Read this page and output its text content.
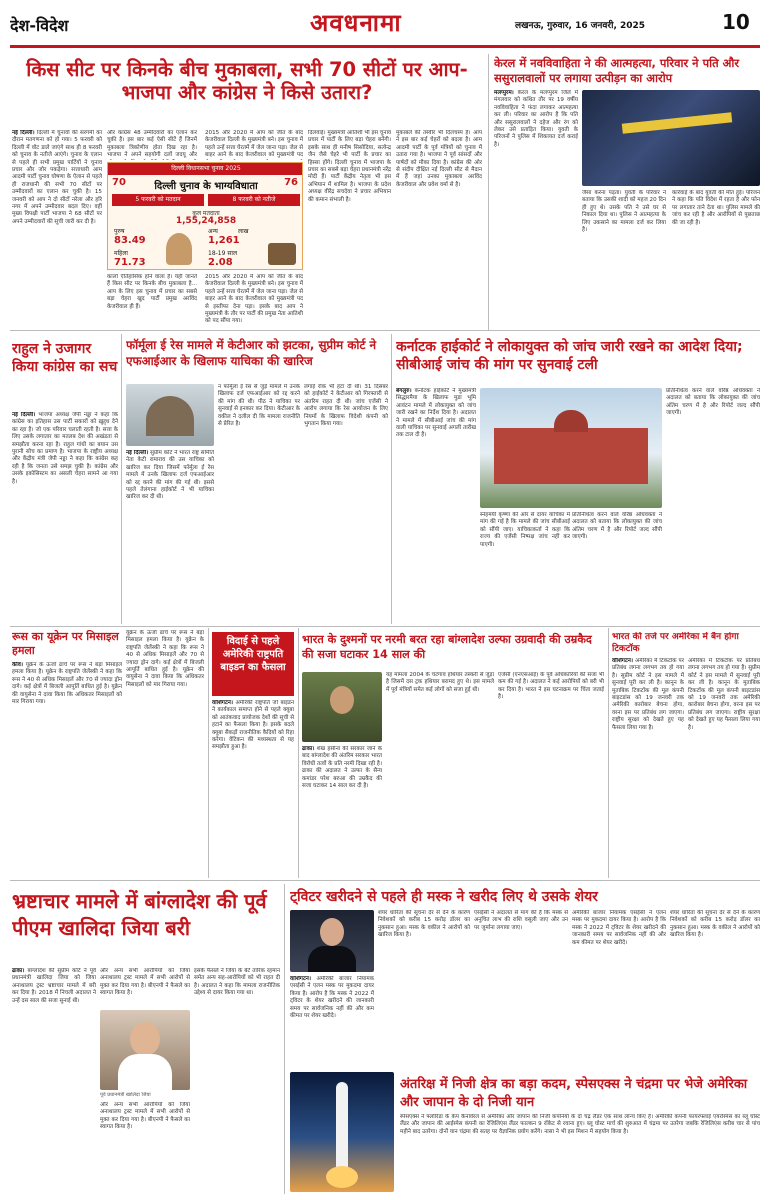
देश-विदेश	अवधनामा	लखनऊ, गुरुवार, 16 जनवरी, 2025	10
किस सीट पर किनके बीच मुकाबला, सभी 70 सीटों पर आप-भाजपा और कांग्रेस ने किसे उतारा?
नई दिल्ली। दिल्ली में चुनावों की सरगर्मी का दौरान मतगणना को हो गया। 5 फरवरी को दिल्ली में वोट डाले जाएंगे साथ ही 8 फरवरी को चुनाव के नतीजे आएंगे। चुनाव के एलान से पहले ही सभी प्रमुख पार्टियों ने चुनाव प्रचार और जोर पकड़ेगा। सत्ताधारी आम आदमी पार्टी चुनाव घोषणा के ऐलान से पहले ही राजधानी की सभी 70 सीटों पर उम्मीदवारों का एलान कर चुकी है। 15 जनवरी को आप ने दो सीटों नरेला और हरि नगर में अपने उम्मीदवार बदल दिए। वहीं मुख्य विपक्षी पार्टी भाजपा ने 68 सीटों पर अपने उम्मीदवारों की सूची जारी कर दी है।
और कांग्रेस 48 उम्मीदवारों का एलान कर चुकी है। इस बार कई ऐसी सीटें हैं जिनमें मुकाबला त्रिकोणीय होता दिख रहा है। भाजपा ने अपने सहयोगी दलों जदयू और
दिल्ली विधानसभा चुनाव 2025
70	76
दिल्ली चुनाव के भाग्यविधाता
5 फरवरी को मतदान	8 फरवरी को नतीजे
कुल मतदाता
1,55,24,858
पुरुष
83.49
महिला
71.73
अन्य
1,261
18-19 साल
2.08
लाख
कालो ऐतिहासिक होने वाला है। यहीं जानते हैं किस सीट पर किनके बीच मुकाबला है... आप के लिए इस चुनाव में प्रचार का सबसे बड़ा चेहरा खुद पार्टी प्रमुख अरविंद केजरीवाल ही हैं।
2015 और 2020 में आप को जीत के बाद केजरीवाल दिल्ली के मुख्यमंत्री बने। इस चुनाव में पहले उन्हें सत्ता घेरतमें में जेल जाना पड़ा। जेल से बाहर आने के बाद केजरीवाल को मुख्यमंत्री पद
2015 और 2020 में आप को जीत के बाद केजरीवाल दिल्ली के मुख्यमंत्री बने। इस चुनाव में पहले उन्हें सत्ता घेरतमें में जेल जाना पड़ा। जेल से बाहर आने के बाद केजरीवाल को मुख्यमंत्री पद से इस्तीफा देना पड़ा। इसके बाद आप ने मुख्यमंत्री के तौर पर पार्टी की प्रमुख नेता आतिशी को पद सौंपा गया।
दिलवाई। मुख्यमंत्री आतिशी भी इस चुनाव प्रचार में पार्टी के लिए बड़ा चेहरा बनेंगी। इसके साथ ही मनीष सिसोदिया, सत्येन्द्र जैन जैसे चेहरे भी पार्टी के प्रचार का हिस्सा होंगे। दिल्ली चुनाव में भाजपा के प्रचार का सबसे बड़ा चेहरा प्रधानमंत्री नरेंद्र मोदी हैं। पार्टी केंद्रीय नेतृत्व भी इस अभियान में शामिल है। भाजपा के प्रदेश अध्यक्ष वीरेंद्र सचदेवा ने प्रचार अभियान की कमान संभाली है।
मुकाबले की तस्वीर भी दिलचस्प है। आप ने इस बार कई चेहरों को बदला है। आम आदमी पार्टी के पूर्व मंत्रियों को चुनाव में उतारा गया है। भाजपा ने पूर्व सांसदों और पार्षदों को मौका दिया है। कांग्रेस की ओर से संदीप दीक्षित नई दिल्ली सीट से मैदान में हैं जहां उनका मुकाबला अरविंद केजरीवाल और प्रवेश वर्मा से है।
केरल में नवविवाहिता ने की आत्महत्या, परिवार ने पति और ससुरालवालों पर लगाया उत्पीड़न का आरोप
मलप्पुरम। केरल के मलप्पुरम जिले में मंगलवार को कथित तौर पर 19 वर्षीय नवविवाहिता ने फंदा लगाकर आत्महत्या कर ली। परिवार का आरोप है कि पति और ससुरालवालों ने दहेज और रंग को लेकर उसे प्रताड़ित किया। युवती के परिजनों ने पुलिस में शिकायत दर्ज कराई है।
जैसा करना पड़ता। युवती के परिवार ने बताया कि उसकी शादी को महज 20 दिन ही हुए थे। उसके पति ने उसे घर से निकाल दिया था। पुलिस ने आत्महत्या के लिए उकसाने का मामला दर्ज कर लिया है।
कार्रवाई के बाद युवती की मौत हुई। परिजन ने कहा कि पति विदेश में रहता है और फोन पर लगातार ताने देता था। पुलिस मामले की जांच कर रही है और आरोपियों से पूछताछ की जा रही है।
राहुल ने उजागर किया कांग्रेस का सच
नई दिल्ली। भाजपा अध्यक्ष जेपी नड्डा ने कहा कि कांग्रेस का इतिहास उस पार्टी सकारों को ख़ुद्द्ध देने का रहा है। जो एक परिवार चलाती रहती है। सत्ता के लिए उसके लगातार का मतलब देश की अखंडता से समझौता करना रहा है। राहुल गांधी का बयान उस पुरानी सोच का प्रमाण है। भाजपा के राष्ट्रीय अध्यक्ष और केंद्रीय मंत्री जेपी नड्डा ने कहा कि कांग्रेस कह रही है कि जनता उसे समझ चुकी है। कांग्रेस और उसके इकोसिस्टम का असली चेहरा सामने आ गया है।
फॉर्मूला ई रेस मामले में केटीआर को झटका, सुप्रीम कोर्ट ने एफआईआर के खिलाफ याचिका की खारिज
नई दिल्ली। सुप्रीम कोर्ट ने भारत राष्ट्र समिति नेता केटी रामाराव की उस याचिका को खारिज कर दिया जिसमें फॉर्मूला ई रेस मामले में उनके खिलाफ दर्ज एफआईआर को रद्द करने की मांग की गई थी। इससे पहले तेलंगाना हाईकोर्ट ने भी याचिका खारिज कर दी थी।
न फॉर्मूला ई रेस से जुड़े मामले में उनके खिलाफ दर्ज एफआईआर को रद्द करने की मांग की थी। पीठ ने याचिका पर सुनवाई से इनकार कर दिया। केटीआर के वकील ने दलील दी कि मामला राजनीति से प्रेरित है।
लगाई रोक भी हटा दी थी। 31 दिसंबर को हाईकोर्ट ने केटीआर को गिरफ्तारी से अंतरिम राहत दी थी। जांच एजेंसी ने आरोप लगाया कि रेस आयोजन के लिए नियमों के खिलाफ विदेशी कंपनी को भुगतान किया गया।
कर्नाटक हाईकोर्ट ने लोकायुक्त को जांच जारी रखने का आदेश दिया; सीबीआई जांच की मांग पर सुनवाई टली
बेंगलुरु। कर्नाटक हाईकोर्ट ने मुख्यमंत्री सिद्धारमैया के खिलाफ मुडा भूमि आवंटन मामले में लोकायुक्त को जांच जारी रखने का निर्देश दिया है। अदालत ने मामले में सीबीआई जांच की मांग वाली याचिका पर सुनवाई अगली तारीख तक टाल दी है।
स्नेहमयी कृष्णा की ओर से दायर याचिका में मांग की गई है कि मामले की जांच सीबीआई को सौंपी जाए। याचिकाकर्ता ने कहा कि राज्य की एजेंसी निष्पक्ष जांच नहीं कर पाएगी।
प्रतिनिधित्व करने वाले वरिष्ठ अधिवक्ता ने अदालत को बताया कि लोकायुक्त की जांच अंतिम चरण में है और रिपोर्ट जल्द सौंपी जाएगी।
प्रतिनिधित्व करने वाले वरिष्ठ अधिवक्ता ने अदालत को बताया कि लोकायुक्त की जांच अंतिम चरण में है और रिपोर्ट जल्द सौंपी जाएगी।
रूस का यूक्रेन पर मिसाइल हमला
कीव। यूक्रेन के ऊर्जा ढांचे पर रूस ने बड़ा मिसाइल हमला किया है। यूक्रेन के राष्ट्रपति जेलेंस्की ने कहा कि रूस ने 40 से अधिक मिसाइलें और 70 से ज्यादा ड्रोन दागे। कई क्षेत्रों में बिजली आपूर्ति बाधित हुई है। यूक्रेन की वायुसेना ने दावा किया कि अधिकतर मिसाइलों को मार गिराया गया।
यूक्रेन के ऊर्जा ढांचे पर रूस ने बड़ा मिसाइल हमला किया है। यूक्रेन के राष्ट्रपति जेलेंस्की ने कहा कि रूस ने 40 से अधिक मिसाइलें और 70 से ज्यादा ड्रोन दागे। कई क्षेत्रों में बिजली आपूर्ति बाधित हुई है। यूक्रेन की वायुसेना ने दावा किया कि अधिकतर मिसाइलों को मार गिराया गया।
विदाई से पहले अमेरिकी राष्ट्रपति बाइडन का फैसला
वाशिंगटन। अमेरिकी राष्ट्रपति जो बाइडन ने कार्यकाल समाप्त होने से पहले क्यूबा को आतंकवाद प्रायोजक देशों की सूची से हटाने का फैसला किया है। इसके बदले क्यूबा सैकड़ों राजनीतिक कैदियों को रिहा करेगा। वेटिकन की मध्यस्थता से यह समझौता हुआ है।
भारत के दुश्मनों पर नरमी बरत रहा बांग्लादेश उल्फा उग्रवादी की उम्रकैद की सजा घटाकर 14 साल की
ढाका। शेख हसीना की सरकार जाने के बाद बांग्लादेश की अंतरिम सरकार भारत विरोधी तत्वों के प्रति नरमी दिखा रही है। ढाका की अदालत ने उल्फा के सैन्य कमांडर परेश बरुआ की उम्रकैद की सजा घटाकर 14 साल कर दी है।
यह मामला 2004 के चटगांव हथियार तस्करी से जुड़ा है जिसमें दस ट्रक हथियार बरामद हुए थे। इस मामले में पूर्व मंत्रियों समेत कई लोगों को सजा हुई थी।
एजेंसी (एनएसआई) के पूर्व अधिकारियों की सजा भी कम की गई है। अदालत ने कई आरोपियों को बरी भी कर दिया है। भारत ने इस घटनाक्रम पर चिंता जताई है।
भारत की तर्ज पर अमेरिका में बैन होगा टिकटॉक
वॉशिंगटन। अमेरिका में टिकटॉक पर प्रतिबंध लगना लगभग तय हो गया है। सुप्रीम कोर्ट ने इस मामले में सुनवाई पूरी कर ली है। कानून के मुताबिक टिकटॉक की मूल कंपनी बाइटडांस को 19 जनवरी तक अमेरिकी कारोबार बेचना होगा, वरना इस पर प्रतिबंध लग जाएगा। राष्ट्रीय सुरक्षा को देखते हुए यह फैसला लिया गया है।
अमेरिका में टिकटॉक पर प्रतिबंध लगना लगभग तय हो गया है। सुप्रीम कोर्ट ने इस मामले में सुनवाई पूरी कर ली है। कानून के मुताबिक टिकटॉक की मूल कंपनी बाइटडांस को 19 जनवरी तक अमेरिकी कारोबार बेचना होगा, वरना इस पर प्रतिबंध लग जाएगा। राष्ट्रीय सुरक्षा को देखते हुए यह फैसला लिया गया है।
भ्रष्टाचार मामले में बांग्लादेश की पूर्व पीएम खालिदा जिया बरी
ढाका। बांग्लादेश की सुप्रीम कोर्ट ने पूर्व प्रधानमंत्री खालिदा जिया को जिया अनाथालय ट्रस्ट भ्रष्टाचार मामले में बरी कर दिया है। 2018 में निचली अदालत ने उन्हें दस साल की सजा सुनाई थी।
और अन्य सभी आरोपियों को जिया अनाथालय ट्रस्ट मामले में सभी आरोपों से मुक्त कर दिया गया है। बीएनपी ने फैसले का स्वागत किया है।
पूर्व प्रधानमंत्री खालिदा जिया
और अन्य सभी आरोपियों को जिया अनाथालय ट्रस्ट मामले में सभी आरोपों से मुक्त कर दिया गया है। बीएनपी ने फैसले का स्वागत किया है।
इसके फैसले ने जिया के बेटे तारिक रहमान समेत अन्य सह-आरोपियों को भी राहत दी है। अदालत ने कहा कि मामला राजनीतिक उद्देश्य से दायर किया गया था।
ट्विटर खरीदने से पहले ही मस्क ने खरीद लिए थे उसके शेयर
वाशिंगटन। अमेरिकी बाजार नियामक एसईसी ने एलन मस्क पर मुकदमा दायर किया है। आरोप है कि मस्क ने 2022 में ट्विटर के शेयर खरीदने की जानकारी समय पर सार्वजनिक नहीं की और कम कीमत पर शेयर खरीदे।
शेयर धारिता की सूचना देर से देने के कारण निवेशकों को करीब 15 करोड़ डॉलर का नुकसान हुआ। मस्क के वकील ने आरोपों को खारिज किया है।
एसईसी ने अदालत से मांग की है कि मस्क से अनुचित लाभ की राशि वसूली जाए और उन पर जुर्माना लगाया जाए।
अमेरिकी बाजार नियामक एसईसी ने एलन मस्क पर मुकदमा दायर किया है। आरोप है कि मस्क ने 2022 में ट्विटर के शेयर खरीदने की जानकारी समय पर सार्वजनिक नहीं की और कम कीमत पर शेयर खरीदे।
शेयर धारिता की सूचना देर से देने के कारण निवेशकों को करीब 15 करोड़ डॉलर का नुकसान हुआ। मस्क के वकील ने आरोपों को खारिज किया है।
अंतरिक्ष में निजी क्षेत्र का बड़ा कदम, स्पेसएक्स ने चंद्रमा पर भेजे अमेरिका और जापान के दो निजी यान
स्पेसएक्स ने फ्लोरिडा के केप कैनावेरल से अमेरिका और जापान की निजी कंपनियों के दो चंद्र लैंडर एक साथ लॉन्च किए हैं। अमेरिकी कंपनी फायरफ्लाई एयरोस्पेस का ब्लू घोस्ट लैंडर और जापान की आईस्पेस कंपनी का रेजिलिएंस लैंडर फाल्कन 9 रॉकेट से रवाना हुए। ब्लू घोस्ट मार्च की शुरुआत में चंद्रमा पर उतरेगा जबकि रेजिलिएंस करीब चार से पांच महीने बाद उतरेगा। दोनों यान चंद्रमा की सतह पर वैज्ञानिक प्रयोग करेंगे। नासा ने भी इस मिशन में सहयोग किया है।
